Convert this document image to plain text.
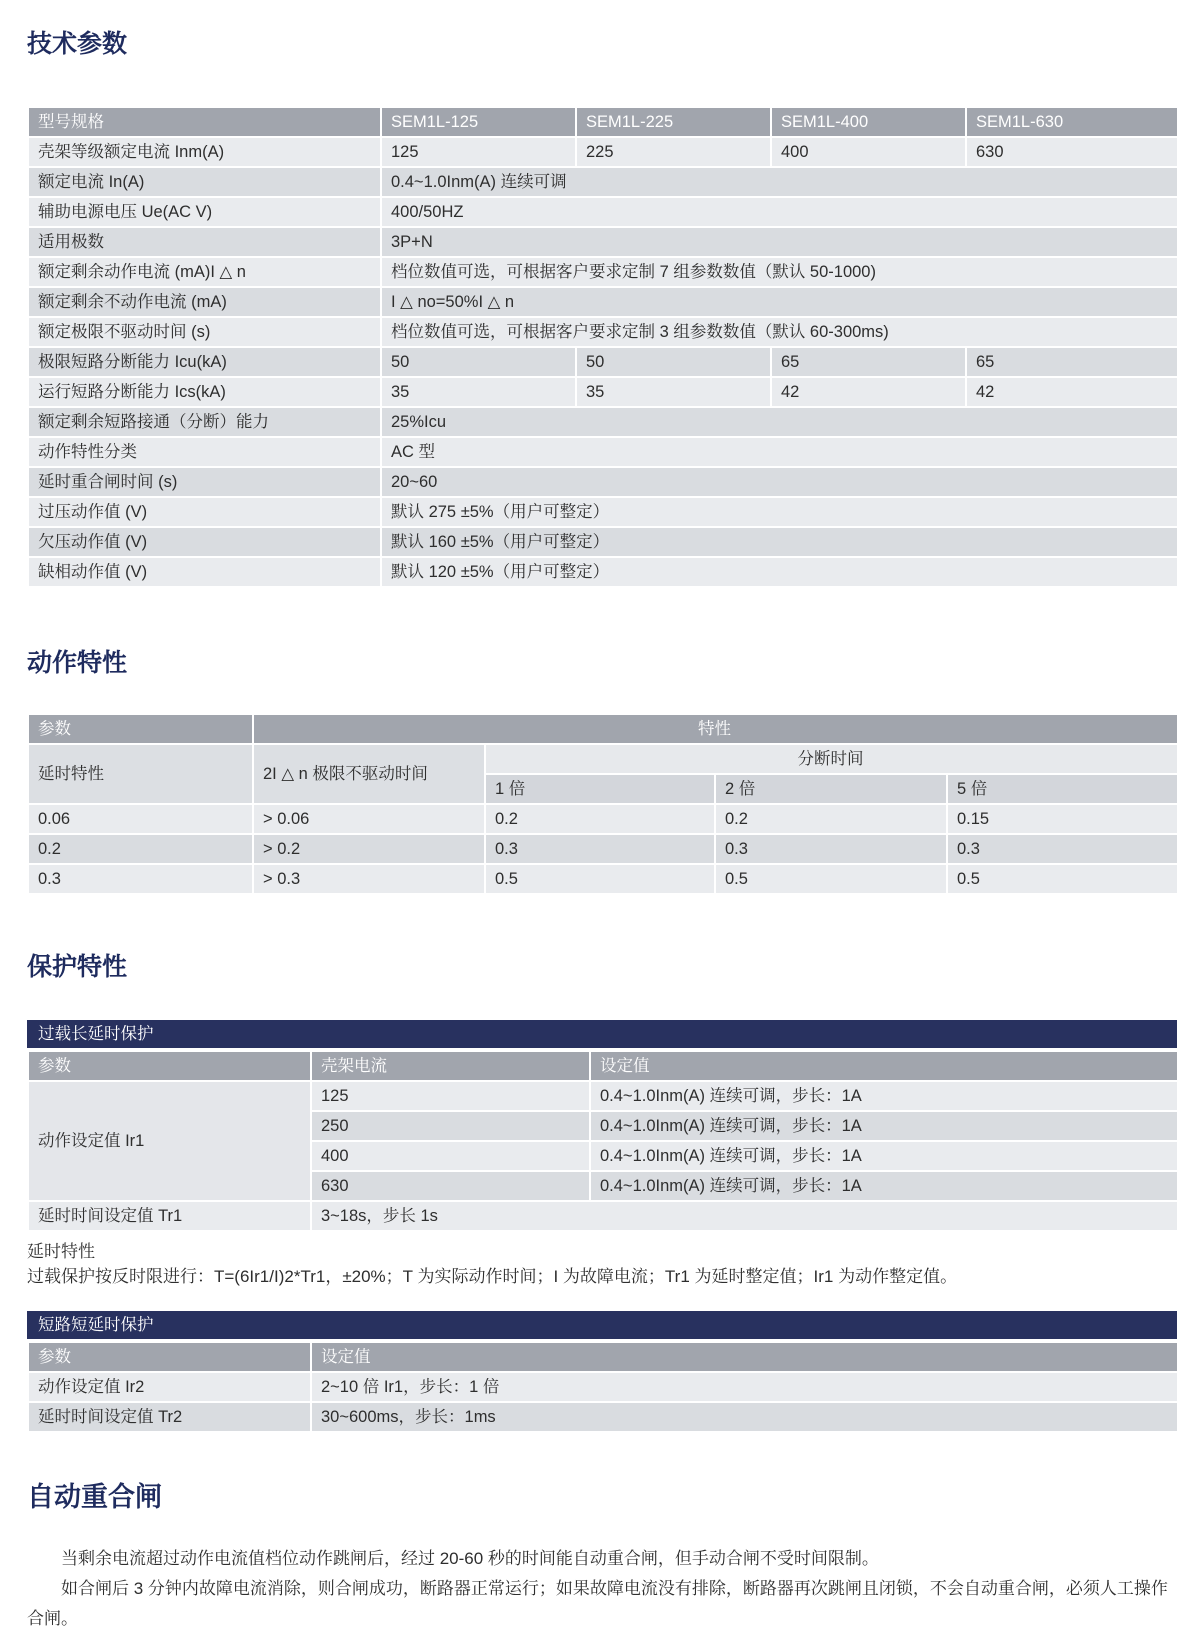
技术参数
型号规格	SEM1L-125	SEM1L-225	SEM1L-400	SEM1L-630
壳架等级额定电流 Inm(A)	125	225	400	630
额定电流 In(A)	0.4~1.0Inm(A) 连续可调			
辅助电源电压 Ue(AC V)	400/50HZ			
适用极数	3P+N			
额定剩余动作电流 (mA)I △ n	档位数值可选，可根据客户要求定制 7 组参数数值（默认 50-1000)			
额定剩余不动作电流 (mA)	I △ no=50%I △ n			
额定极限不驱动时间 (s)	档位数值可选，可根据客户要求定制 3 组参数数值（默认 60-300ms)			
极限短路分断能力 Icu(kA)	50	50	65	65
运行短路分断能力 Ics(kA)	35	35	42	42
额定剩余短路接通（分断）能力	25%Icu			
动作特性分类	AC 型			
延时重合闸时间 (s)	20~60			
过压动作值 (V)	默认 275 ±5%（用户可整定）			
欠压动作值 (V)	默认 160 ±5%（用户可整定）			
缺相动作值 (V)	默认 120 ±5%（用户可整定）			
动作特性
参数	特性			
延时特性	2I △ n 极限不驱动时间	分断时间		
		1 倍	2 倍	5 倍
0.06	> 0.06	0.2	0.2	0.15
0.2	> 0.2	0.3	0.3	0.3
0.3	> 0.3	0.5	0.5	0.5
保护特性
过载长延时保护
参数	壳架电流	设定值
动作设定值 Ir1	125	0.4~1.0Inm(A) 连续可调，步长：1A
	250	0.4~1.0Inm(A) 连续可调，步长：1A
	400	0.4~1.0Inm(A) 连续可调，步长：1A
	630	0.4~1.0Inm(A) 连续可调，步长：1A
延时时间设定值 Tr1	3~18s，步长 1s	
延时特性
过载保护按反时限进行：T=(6Ir1/I)2*Tr1，±20%；T 为实际动作时间；I 为故障电流；Tr1 为延时整定值；Ir1 为动作整定值。
短路短延时保护
参数	设定值
动作设定值 Ir2	2~10 倍 Ir1，步长：1 倍
延时时间设定值 Tr2	30~600ms，步长：1ms
自动重合闸

当剩余电流超过动作电流值档位动作跳闸后，经过 20-60 秒的时间能自动重合闸，但手动合闸不受时间限制。

如合闸后 3 分钟内故障电流消除，则合闸成功，断路器正常运行；如果故障电流没有排除，断路器再次跳闸且闭锁，不会自动重合闸，必须人工操作合闸。
